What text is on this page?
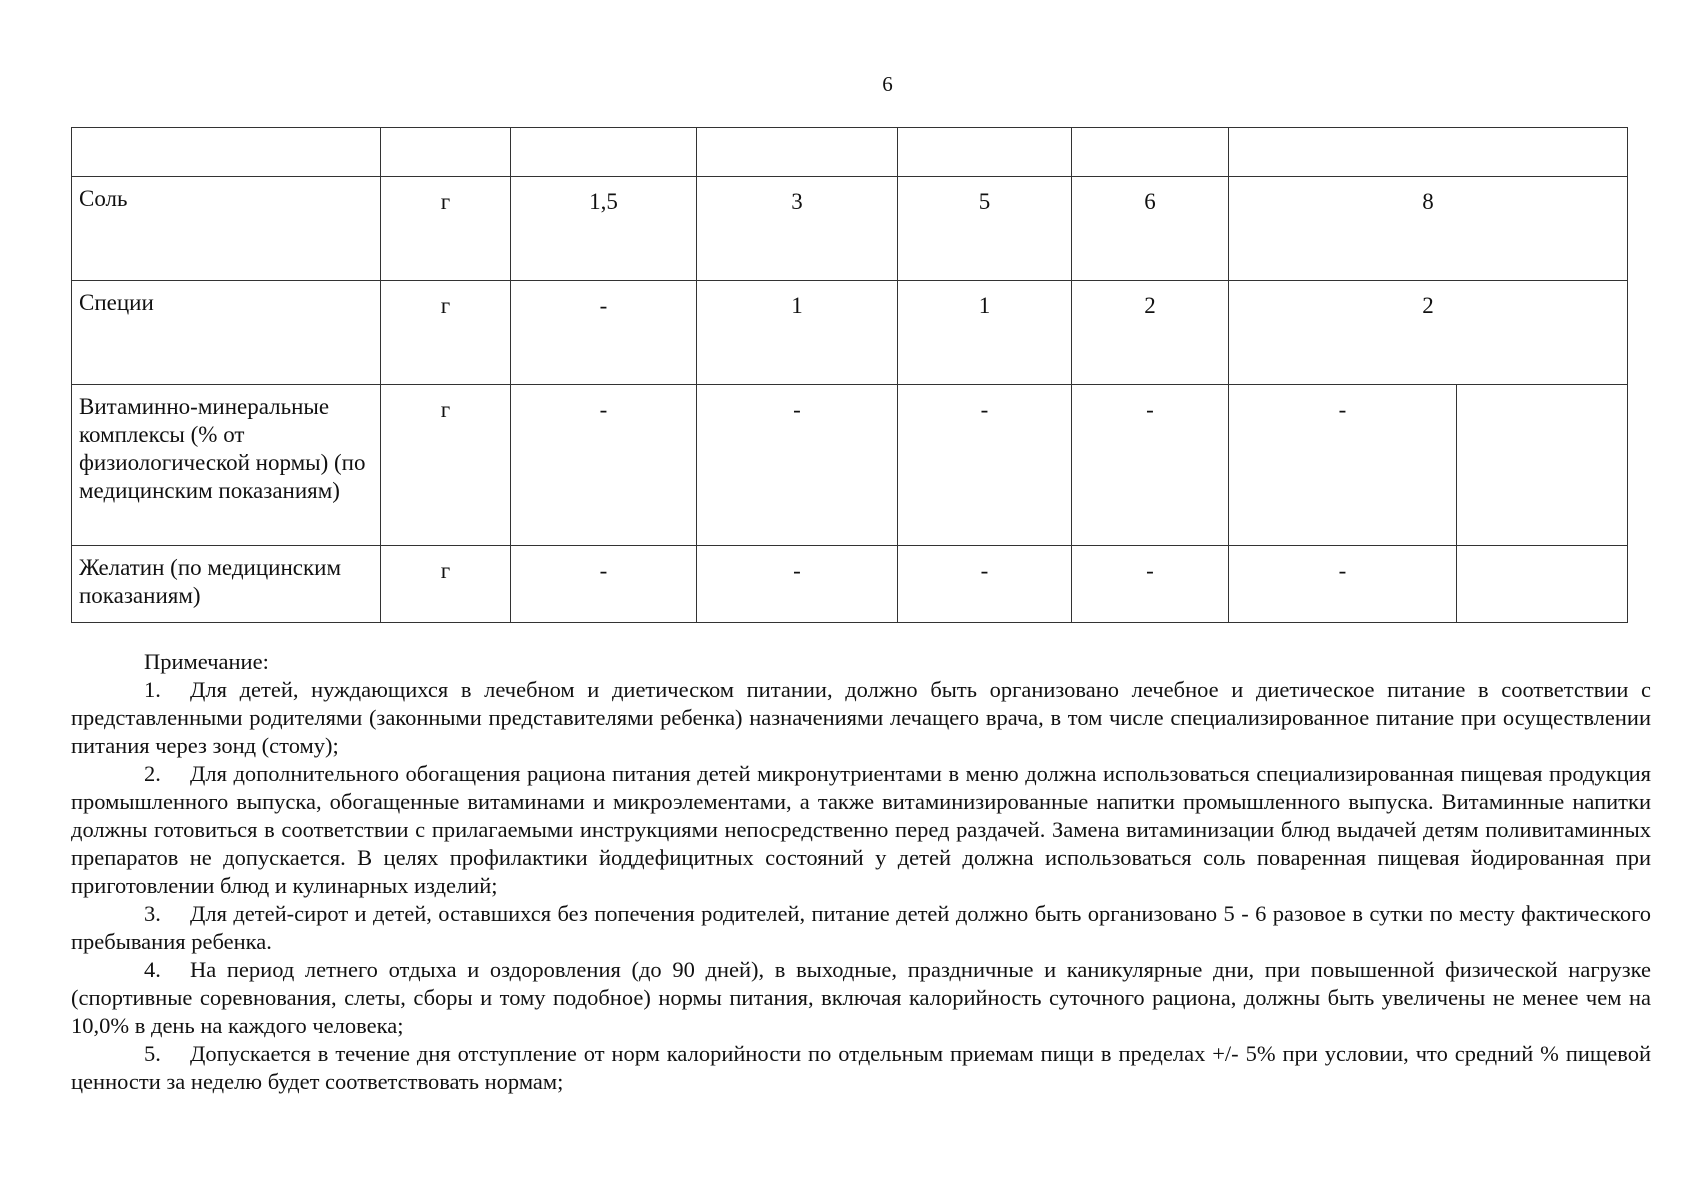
6

Соль	г	1,5	3	5	6	8	
Специи	г	-	1	1	2	2	
Витаминно-минеральные комплексы (% от физиологической нормы) (по медицинским показаниям)	г	-	-	-	-	-	
Желатин (по медицинским показаниям)	г	-	-	-	-	-	
Примечание:

1. Для детей, нуждающихся в лечебном и диетическом питании, должно быть организовано лечебное и диетическое питание в соответствии с представленными родителями (законными представителями ребенка) назначениями лечащего врача, в том числе специализированное питание при осуществлении питания через зонд (стому);

2. Для дополнительного обогащения рациона питания детей микронутриентами в меню должна использоваться специализированная пищевая продукция промышленного выпуска, обогащенные витаминами и микроэлементами, а также витаминизированные напитки промышленного выпуска. Витаминные напитки должны готовиться в соответствии с прилагаемыми инструкциями непосредственно перед раздачей. Замена витаминизации блюд выдачей детям поливитаминных препаратов не допускается. В целях профилактики йоддефицитных состояний у детей должна использоваться соль поваренная пищевая йодированная при приготовлении блюд и кулинарных изделий;

3. Для детей-сирот и детей, оставшихся без попечения родителей, питание детей должно быть организовано 5 - 6 разовое в сутки по месту фактического пребывания ребенка.

4. На период летнего отдыха и оздоровления (до 90 дней), в выходные, праздничные и каникулярные дни, при повышенной физической нагрузке (спортивные соревнования, слеты, сборы и тому подобное) нормы питания, включая калорийность суточного рациона, должны быть увеличены не менее чем на 10,0% в день на каждого человека;

5. Допускается в течение дня отступление от норм калорийности по отдельным приемам пищи в пределах +/- 5% при условии, что средний % пищевой ценности за неделю будет соответствовать нормам;
